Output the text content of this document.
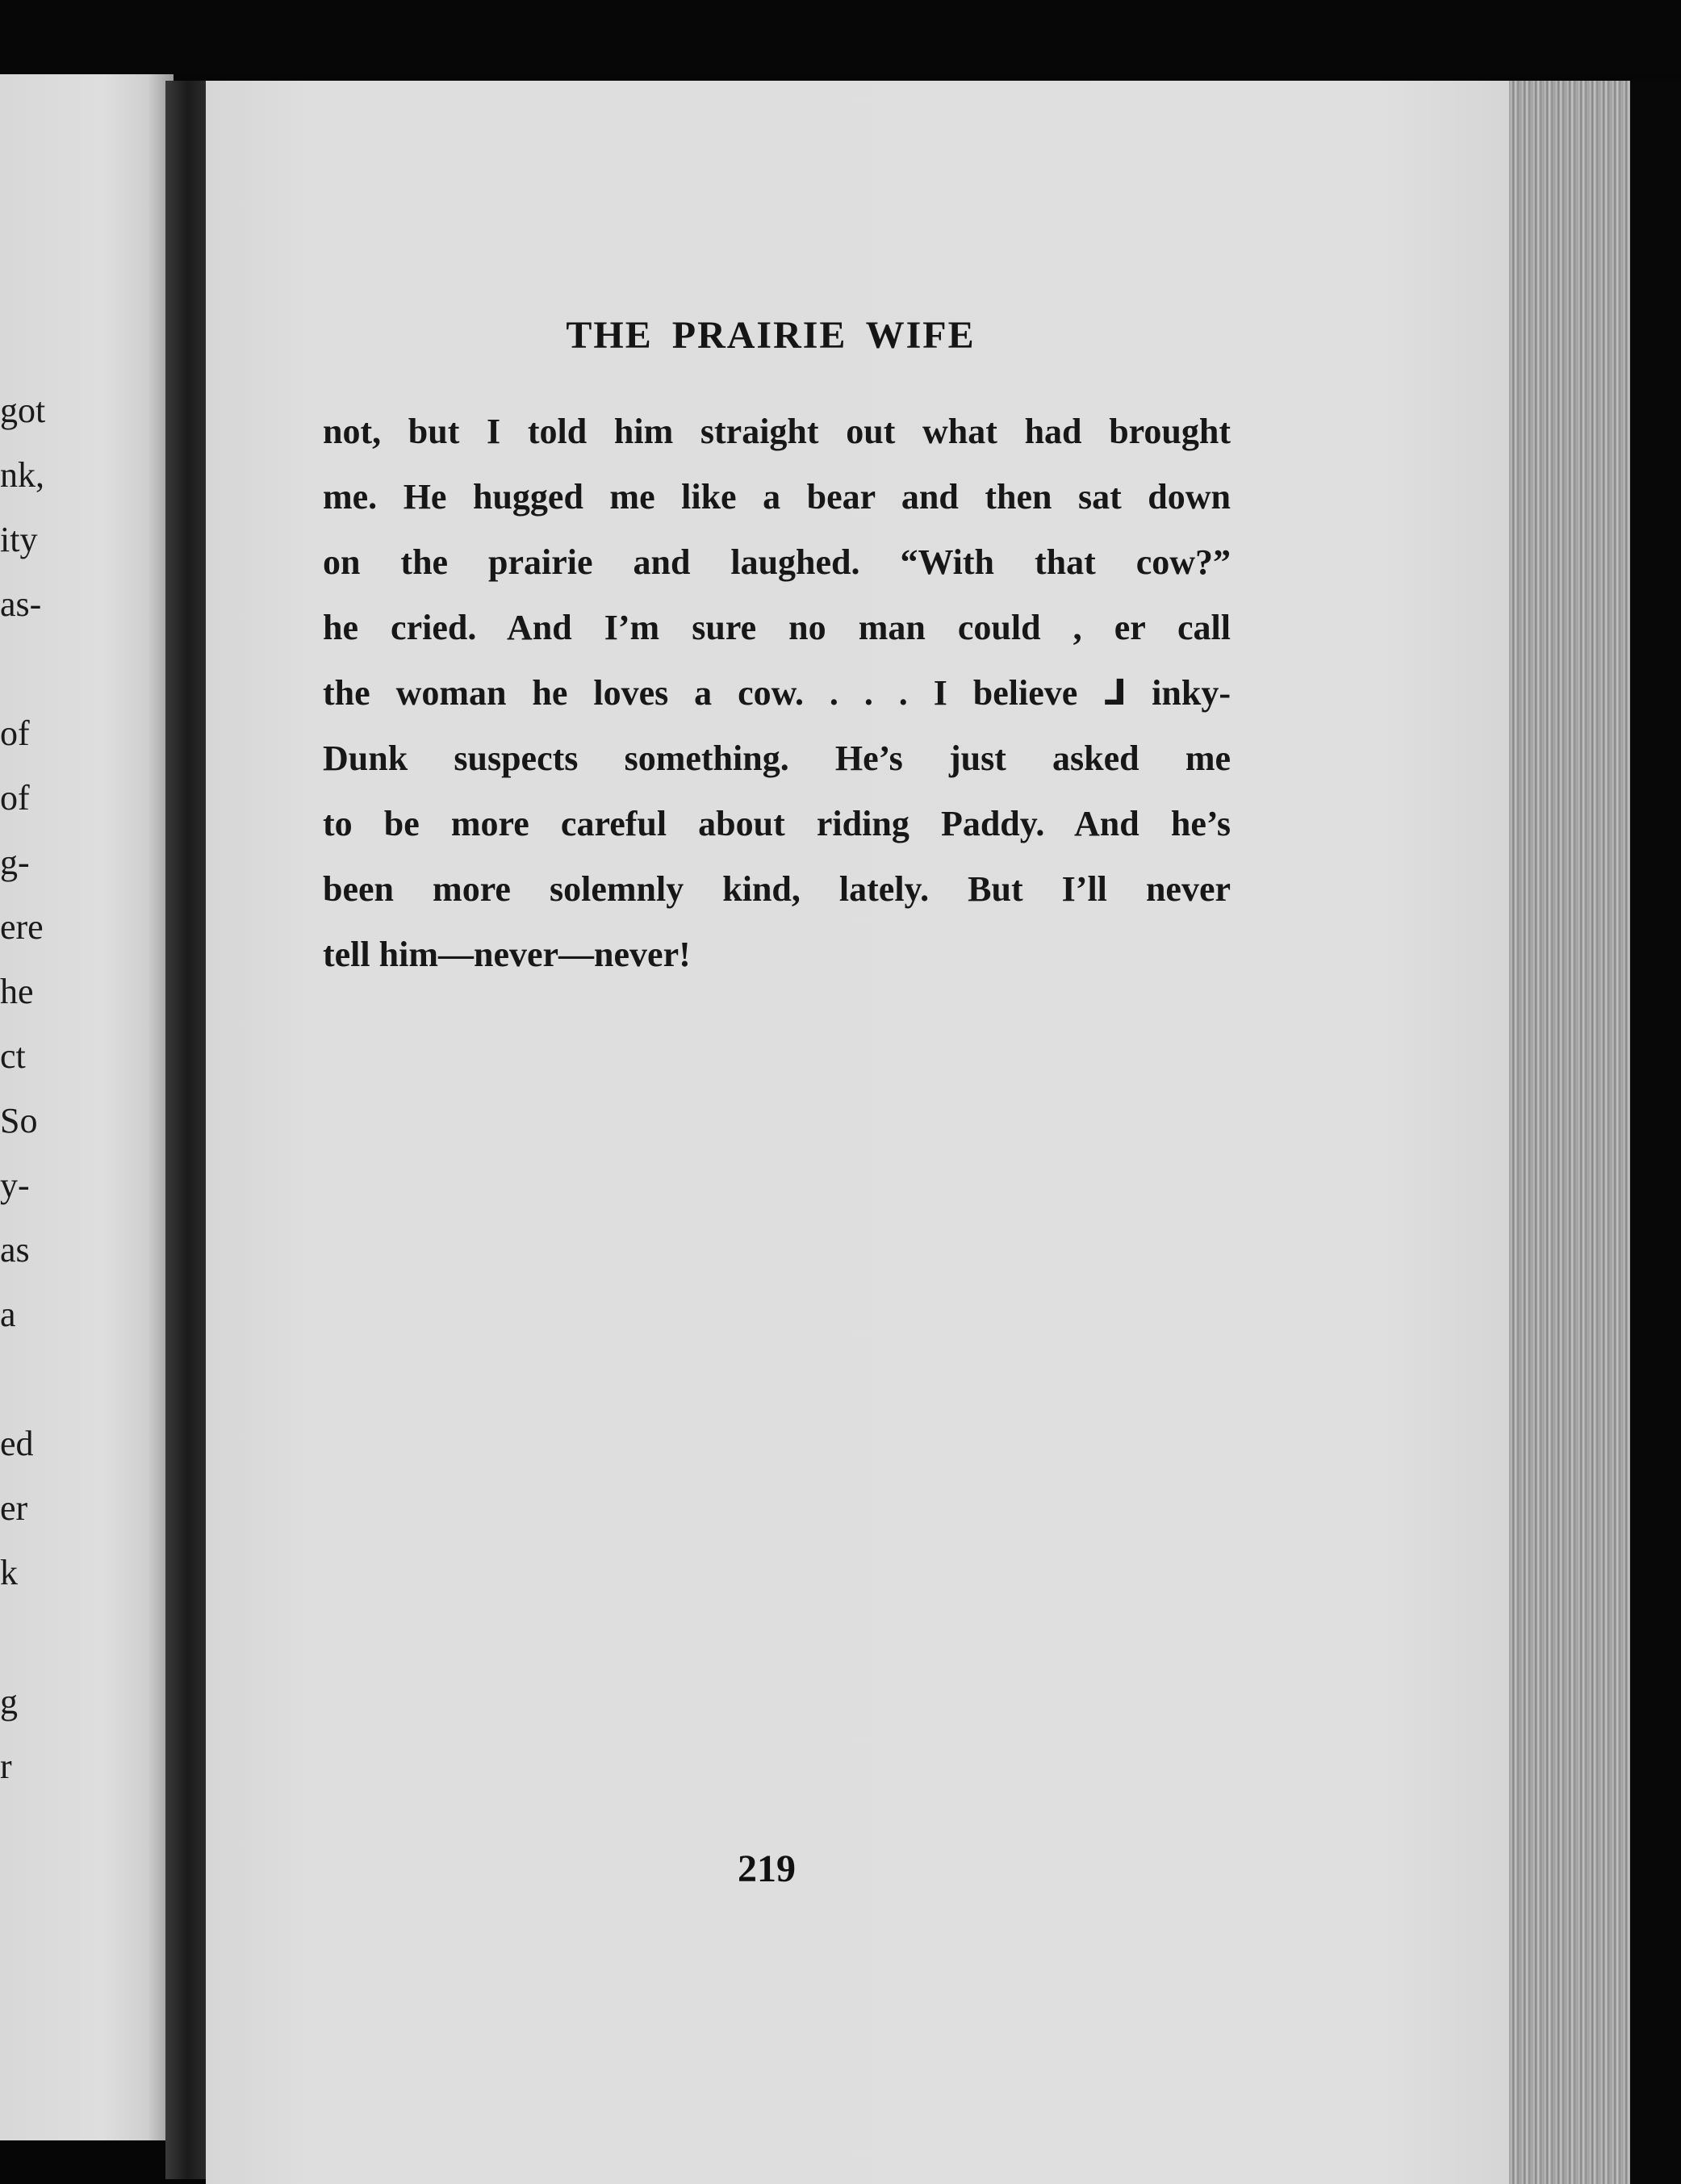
got
nk,
ity
as-
of
of
g-
ere
he
ct
So
y-
as
a
ed
er
k
g
r
THE PRAIRIE WIFE
not, but I told him straight out what had brought
me. He hugged me like a bear and then sat down
on the prairie and laughed. “With that cow?”
he cried. And I’m sure no man could , er call
the woman he loves a cow. . . . I believe ⅃ inky-
Dunk suspects something. He’s just asked me
to be more careful about riding Paddy. And he’s
been more solemnly kind, lately. But I’ll never
tell him—never—never!
219
